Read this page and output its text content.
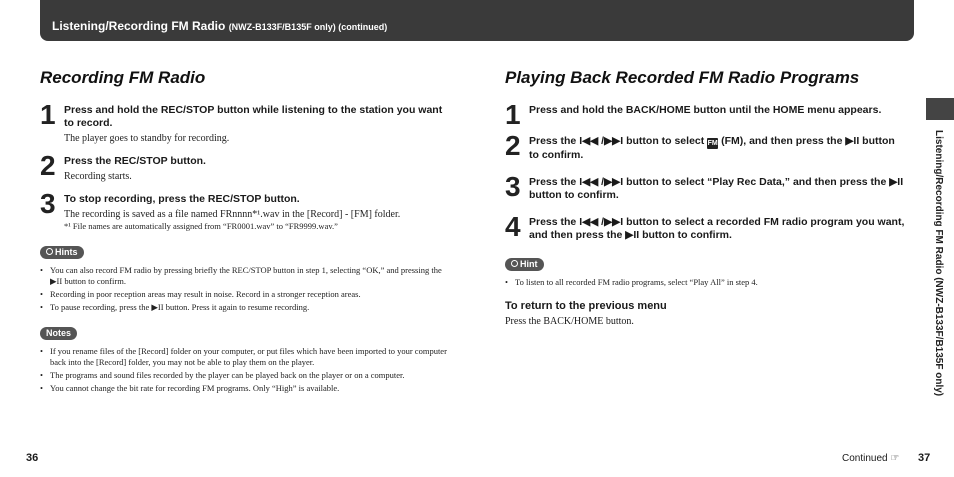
Listening/Recording FM Radio (NWZ-B133F/B135F only) (continued)
Recording FM Radio
1 Press and hold the REC/STOP button while listening to the station you want to record.
The player goes to standby for recording.
2 Press the REC/STOP button.
Recording starts.
3 To stop recording, press the REC/STOP button.
The recording is saved as a file named FRnnnn*¹.wav in the [Record] - [FM] folder.
*¹ File names are automatically assigned from “FR0001.wav” to “FR9999.wav.”
Hints
• You can also record FM radio by pressing briefly the REC/STOP button in step 1, selecting “OK,” and pressing the ▶II button to confirm.
• Recording in poor reception areas may result in noise. Record in a stronger reception areas.
• To pause recording, press the ▶II button. Press it again to resume recording.
Notes
• If you rename files of the [Record] folder on your computer, or put files which have been imported to your computer back into the [Record] folder, you may not be able to play them on the player.
• The programs and sound files recorded by the player can be played back on the player or on a computer.
• You cannot change the bit rate for recording FM programs. Only “High” is available.
Playing Back Recorded FM Radio Programs
1 Press and hold the BACK/HOME button until the HOME menu appears.
2 Press the I◀◀ /▶▶I button to select FM (FM), and then press the ▶II button to confirm.
3 Press the I◀◀ /▶▶I button to select “Play Rec Data,” and then press the ▶II button to confirm.
4 Press the I◀◀ /▶▶I button to select a recorded FM radio program you want, and then press the ▶II button to confirm.
Hint
• To listen to all recorded FM radio programs, select “Play All” in step 4.
To return to the previous menu
Press the BACK/HOME button.	Listening/Recording FM Radio (NWZ-B133F/B135F only)
36	Continued ☞ 37
